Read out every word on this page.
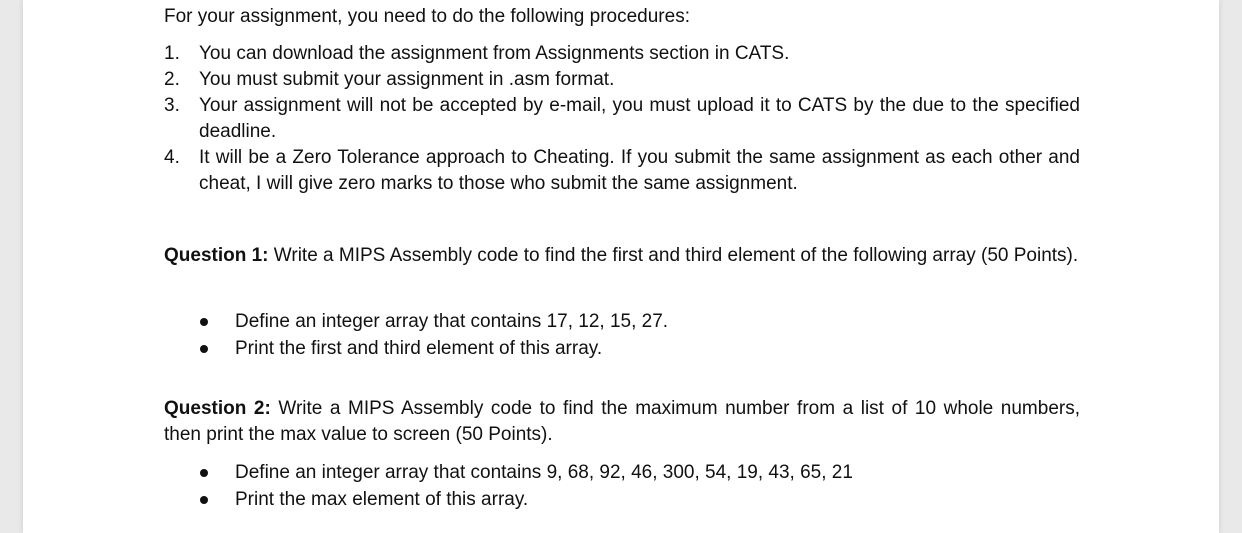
For your assignment, you need to do the following procedures:
1. You can download the assignment from Assignments section in CATS.
2. You must submit your assignment in .asm format.
3. Your assignment will not be accepted by e-mail, you must upload it to CATS by the due to the specified deadline.
4. It will be a Zero Tolerance approach to Cheating. If you submit the same assignment as each other and cheat, I will give zero marks to those who submit the same assignment.
Question 1: Write a MIPS Assembly code to find the first and third element of the following array (50 Points).
Define an integer array that contains 17, 12, 15, 27.
Print the first and third element of this array.
Question 2: Write a MIPS Assembly code to find the maximum number from a list of 10 whole numbers, then print the max value to screen (50 Points).
Define an integer array that contains 9, 68, 92, 46, 300, 54, 19, 43, 65, 21
Print the max element of this array.
